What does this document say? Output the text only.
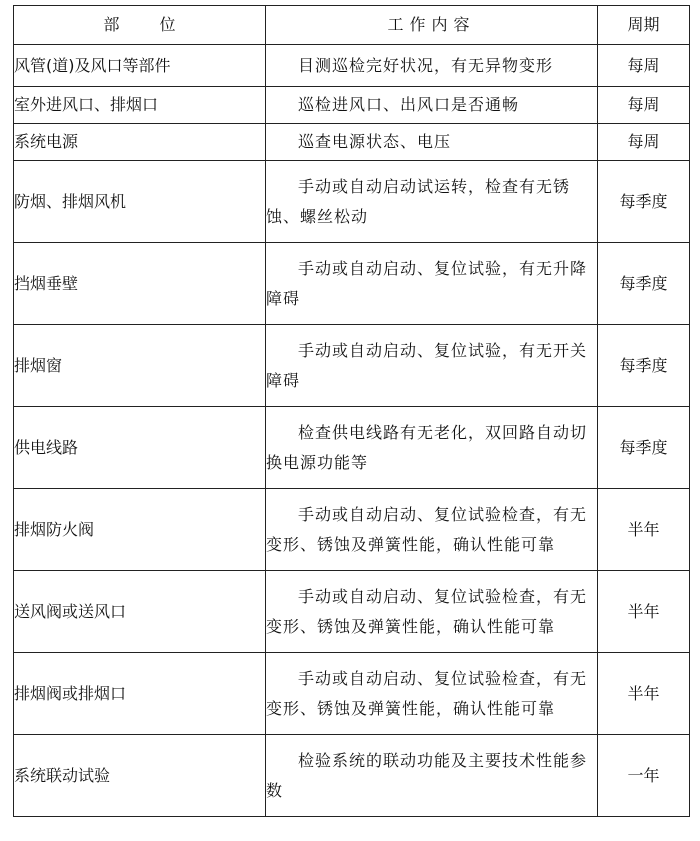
部位	工作内容	周期
风管(道)及风口等部件	目测巡检完好状况，有无异物变形	每周
室外进风口、排烟口	巡检进风口、出风口是否通畅	每周
系统电源	巡查电源状态、电压	每周
防烟、排烟风机	手动或自动启动试运转，检查有无锈蚀、螺丝松动	每季度
挡烟垂壁	手动或自动启动、复位试验，有无升降障碍	每季度
排烟窗	手动或自动启动、复位试验，有无开关障碍	每季度
供电线路	检查供电线路有无老化，双回路自动切换电源功能等	每季度
排烟防火阀	手动或自动启动、复位试验检查，有无变形、锈蚀及弹簧性能，确认性能可靠	半年
送风阀或送风口	手动或自动启动、复位试验检查，有无变形、锈蚀及弹簧性能，确认性能可靠	半年
排烟阀或排烟口	手动或自动启动、复位试验检查，有无变形、锈蚀及弹簧性能，确认性能可靠	半年
系统联动试验	检验系统的联动功能及主要技术性能参数	一年
